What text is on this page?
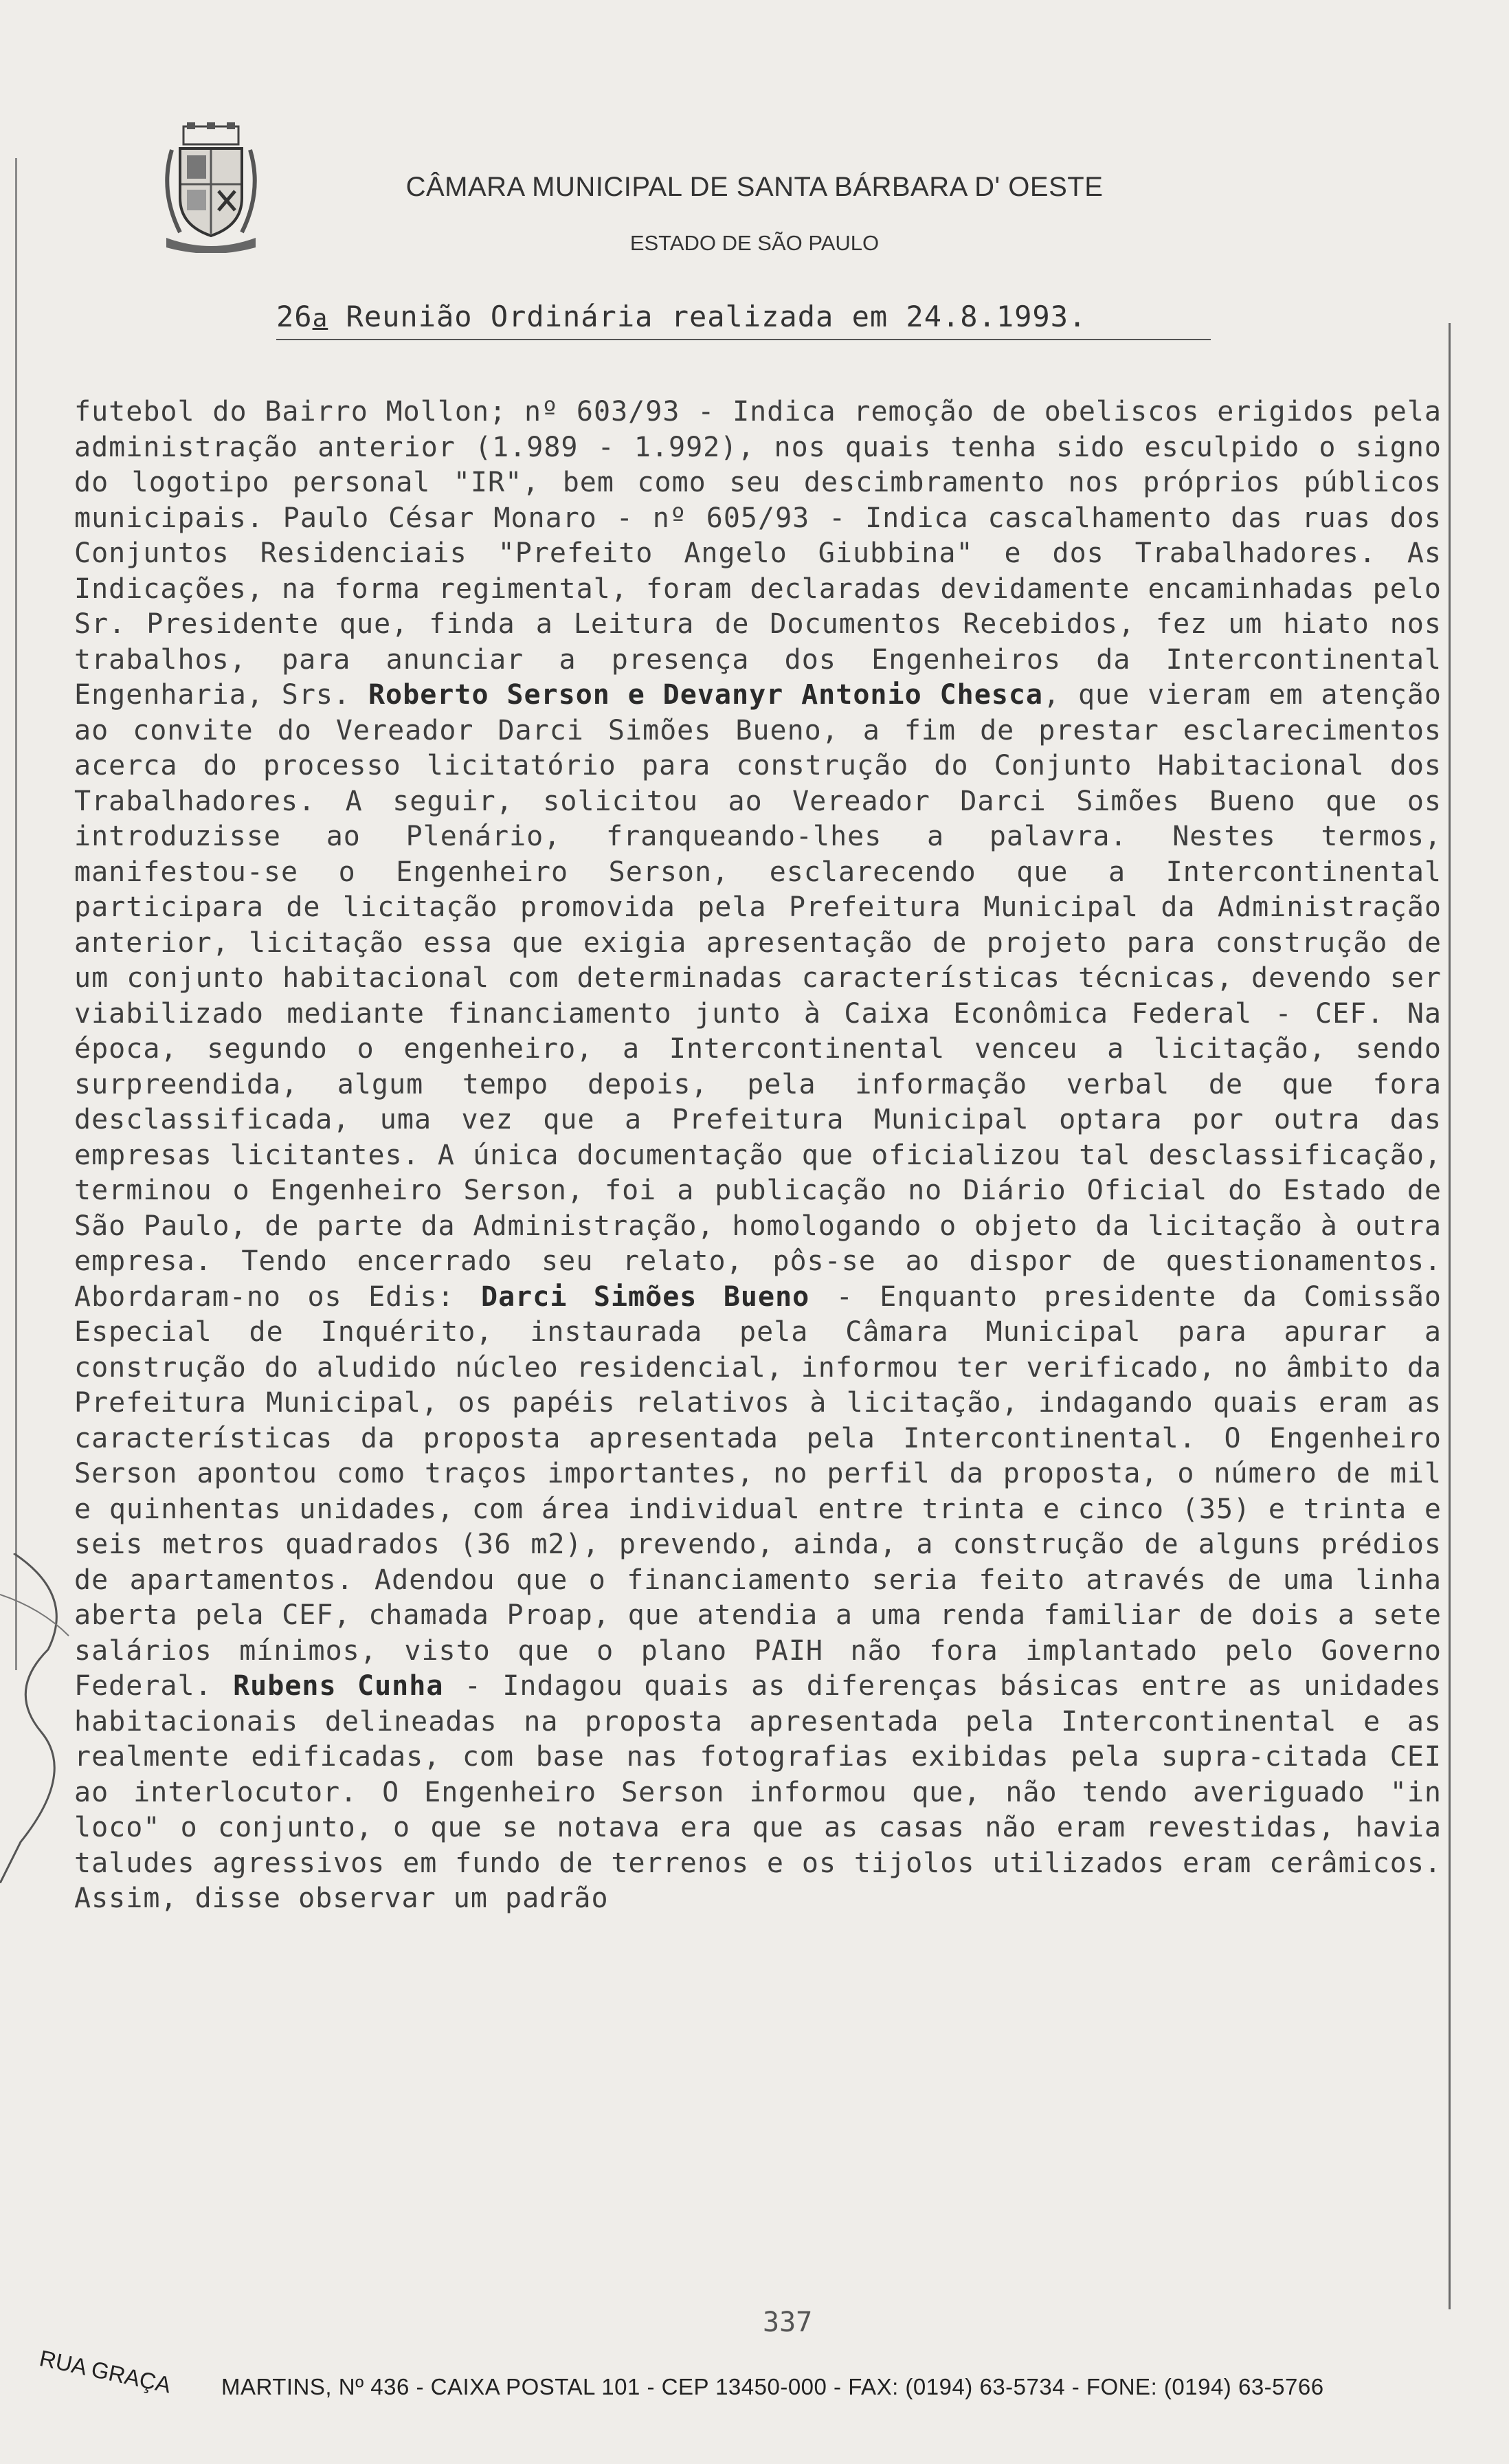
CÂMARA MUNICIPAL DE SANTA BÁRBARA D' OESTE
ESTADO DE SÃO PAULO
26a Reunião Ordinária realizada em 24.8.1993.
futebol do Bairro Mollon; nº 603/93 - Indica remoção de obeliscos erigidos pela administração anterior (1.989 - 1.992), nos quais tenha sido esculpido o signo do logotipo personal "IR", bem como seu descimbramento nos próprios públicos municipais. Paulo César Monaro - nº 605/93 - Indica cascalhamento das ruas dos Conjuntos Residenciais "Prefeito Angelo Giubbina" e dos Trabalhadores. As Indicações, na forma regimental, foram declaradas devidamente encaminhadas pelo Sr. Presidente que, finda a Leitura de Documentos Recebidos, fez um hiato nos trabalhos, para anunciar a presença dos Engenheiros da Intercontinental Engenharia, Srs. Roberto Serson e Devanyr Antonio Chesca, que vieram em atenção ao convite do Vereador Darci Simões Bueno, a fim de prestar esclarecimentos acerca do processo licitatório para construção do Conjunto Habitacional dos Trabalhadores. A seguir, solicitou ao Vereador Darci Simões Bueno que os introduzisse ao Plenário, franqueando-lhes a palavra. Nestes termos, manifestou-se o Engenheiro Serson, esclarecendo que a Intercontinental participara de licitação promovida pela Prefeitura Municipal da Administração anterior, licitação essa que exigia apresentação de projeto para construção de um conjunto habitacional com determinadas características técnicas, devendo ser viabilizado mediante financiamento junto à Caixa Econômica Federal - CEF. Na época, segundo o engenheiro, a Intercontinental venceu a licitação, sendo surpreendida, algum tempo depois, pela informação verbal de que fora desclassificada, uma vez que a Prefeitura Municipal optara por outra das empresas licitantes. A única documentação que oficializou tal desclassificação, terminou o Engenheiro Serson, foi a publicação no Diário Oficial do Estado de São Paulo, de parte da Administração, homologando o objeto da licitação à outra empresa. Tendo encerrado seu relato, pôs-se ao dispor de questionamentos. Abordaram-no os Edis: Darci Simões Bueno - Enquanto presidente da Comissão Especial de Inquérito, instaurada pela Câmara Municipal para apurar a construção do aludido núcleo residencial, informou ter verificado, no âmbito da Prefeitura Municipal, os papéis relativos à licitação, indagando quais eram as características da proposta apresentada pela Intercontinental. O Engenheiro Serson apontou como traços importantes, no perfil da proposta, o número de mil e quinhentas unidades, com área individual entre trinta e cinco (35) e trinta e seis metros quadrados (36 m2), prevendo, ainda, a construção de alguns prédios de apartamentos. Adendou que o financiamento seria feito através de uma linha aberta pela CEF, chamada Proap, que atendia a uma renda familiar de dois a sete salários mínimos, visto que o plano PAIH não fora implantado pelo Governo Federal. Rubens Cunha - Indagou quais as diferenças básicas entre as unidades habitacionais delineadas na proposta apresentada pela Intercontinental e as realmente edificadas, com base nas fotografias exibidas pela supra-citada CEI ao interlocutor. O Engenheiro Serson informou que, não tendo averiguado "in loco" o conjunto, o que se notava era que as casas não eram revestidas, havia taludes agressivos em fundo de terrenos e os tijolos utilizados eram cerâmicos. Assim, disse observar um padrão
337
RUA GRAÇA MARTINS, Nº 436 - CAIXA POSTAL 101 - CEP 13450-000 - FAX: (0194) 63-5734 - FONE: (0194) 63-5766
